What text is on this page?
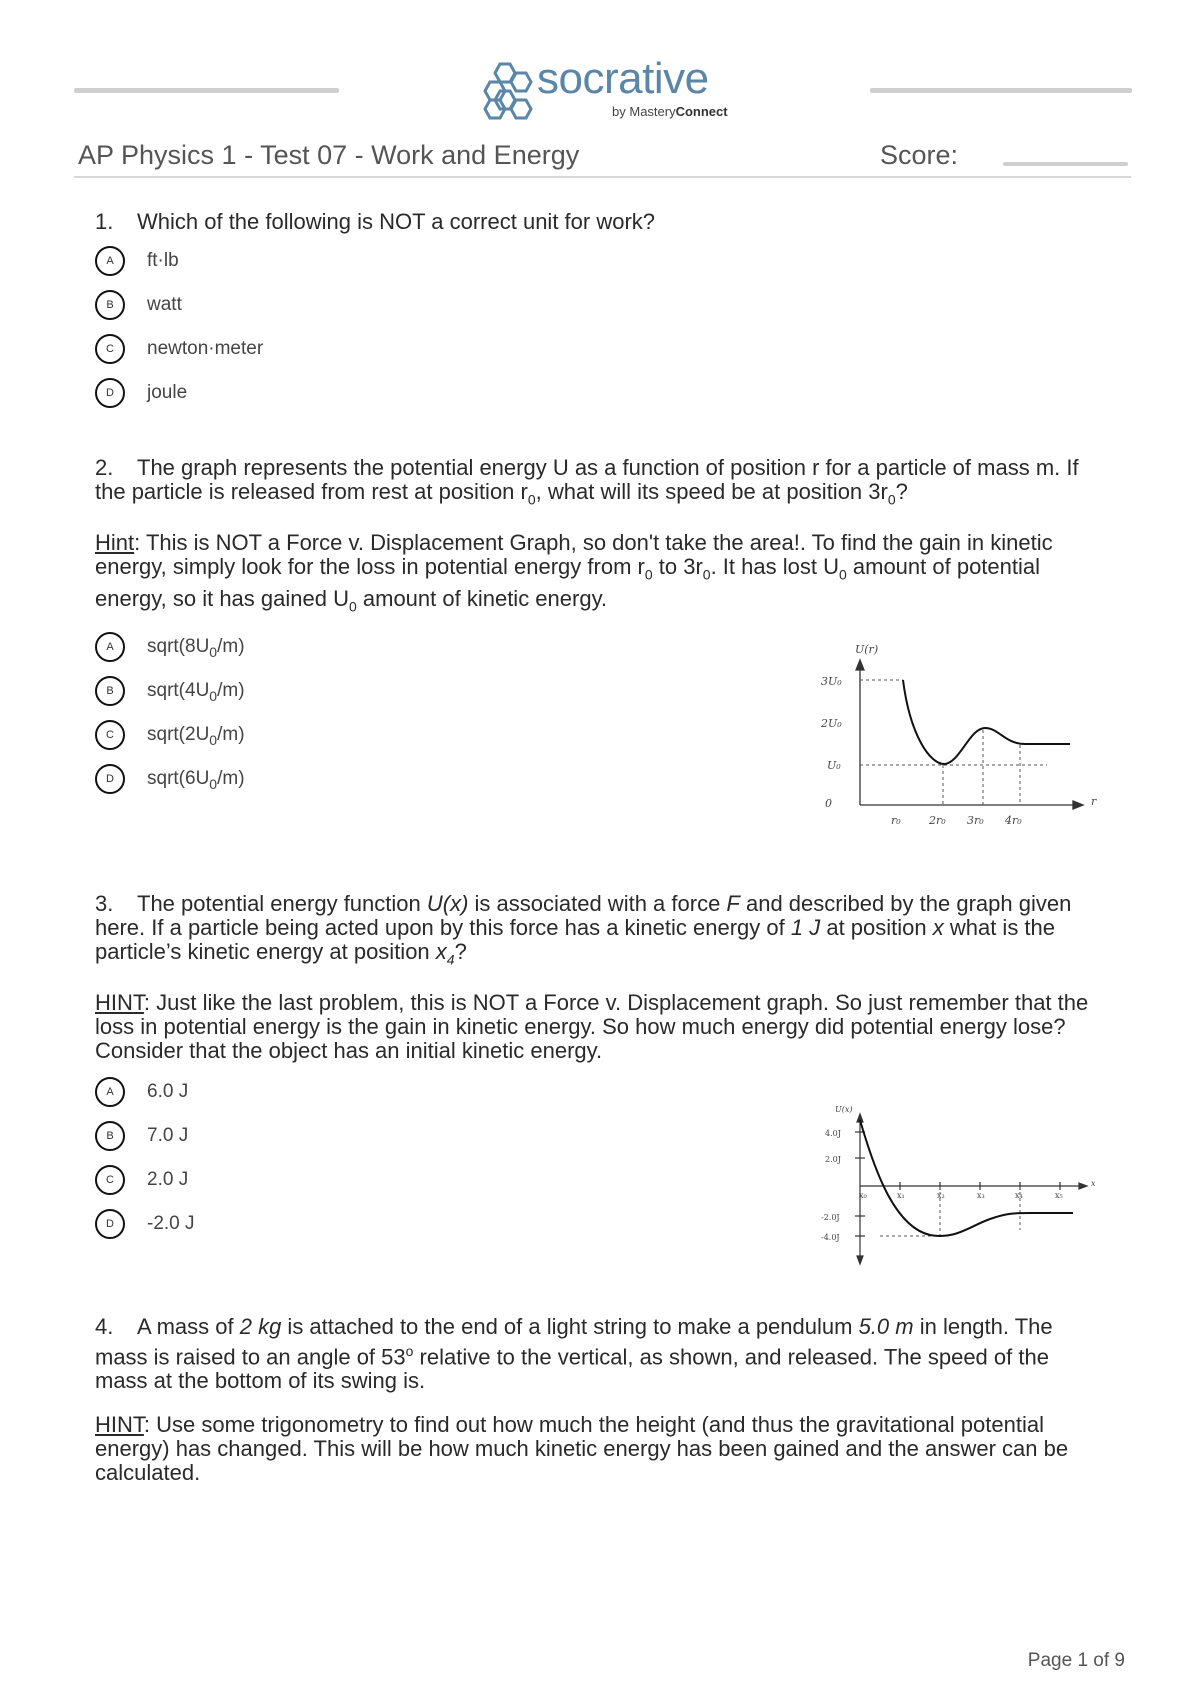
socrative
by MasteryConnect
AP Physics 1 - Test 07 - Work and Energy	Score:
1. Which of the following is NOT a correct unit for work?
A	ft·lb
B	watt
C	newton·meter
D	joule
2. The graph represents the potential energy U as a function of position r for a particle of mass m. If the particle is released from rest at position $r_0$, what will its speed be at position $3r_0$?
Hint: This is NOT a Force v. Displacement Graph, so don't take the area!. To find the gain in kinetic energy, simply look for the loss in potential energy from $r_0$ to $3r_0$. It has lost $U_0$ amount of potential energy, so it has gained $U_0$ amount of kinetic energy.
A	$sqrt(8U_0/m)$
B	$sqrt(4U_0/m)$
C	$sqrt(2U_0/m)$
D	$sqrt(6U_0/m)$
U(r)
3U₀
2U₀
U₀
0
r₀	2r₀ 3r₀ 4r₀
r
3. The potential energy function U(x) is associated with a force F and described by the graph given here. If a particle being acted upon by this force has a kinetic energy of 1 J at position x what is the particle’s kinetic energy at position $x_4$?
HINT: Just like the last problem, this is NOT a Force v. Displacement graph. So just remember that the loss in potential energy is the gain in kinetic energy. So how much energy did potential energy lose? Consider that the object has an initial kinetic energy.
A	6.0 J
B	7.0 J
C	2.0 J
D	-2.0 J
U(x)
4.0J
2.0J
-2.0J
-4.0J
x₀	x₁	x₂	x₃	x₄	x₅
x
4. A mass of 2 kg is attached to the end of a light string to make a pendulum 5.0 m in length. The mass is raised to an angle of 53$^o$ relative to the vertical, as shown, and released. The speed of the mass at the bottom of its swing is.
HINT: Use some trigonometry to find out how much the height (and thus the gravitational potential energy) has changed. This will be how much kinetic energy has been gained and the answer can be calculated.
Page 1 of 9
